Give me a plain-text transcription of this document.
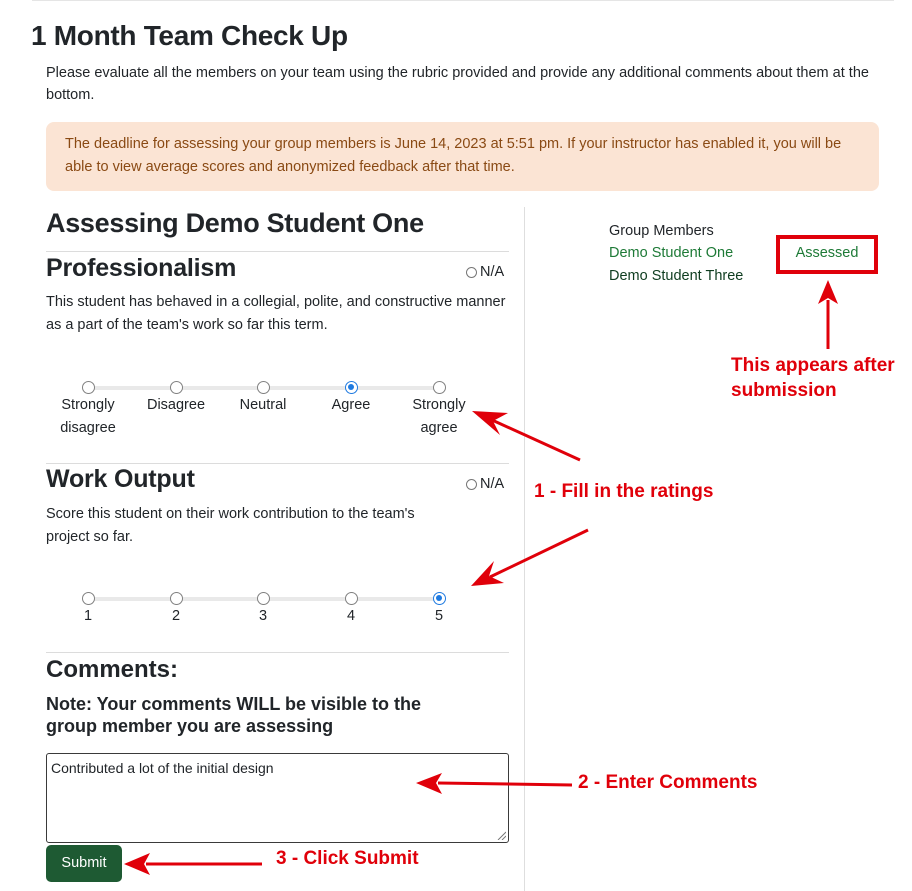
1 Month Team Check Up
Please evaluate all the members on your team using the rubric provided and provide any additional comments about them at the bottom.
The deadline for assessing your group members is June 14, 2023 at 5:51 pm. If your instructor has enabled it, you will be able to view average scores and anonymized feedback after that time.
Assessing Demo Student One
Professionalism	N/A
This student has behaved in a collegial, polite, and constructive manner as a part of the team's work so far this term.
Strongly disagree
Disagree	Neutral	Agree	Strongly agree
Work Output	N/A
Score this student on their work contribution to the team's project so far.
1	2	3	4	5
Comments:
Note: Your comments WILL be visible to the group member you are assessing
Contributed a lot of the initial design
Submit
Group Members
Demo Student One
Demo Student Three
Assessed
This appears after submission
1 - Fill in the ratings
2 - Enter Comments
3 - Click Submit
